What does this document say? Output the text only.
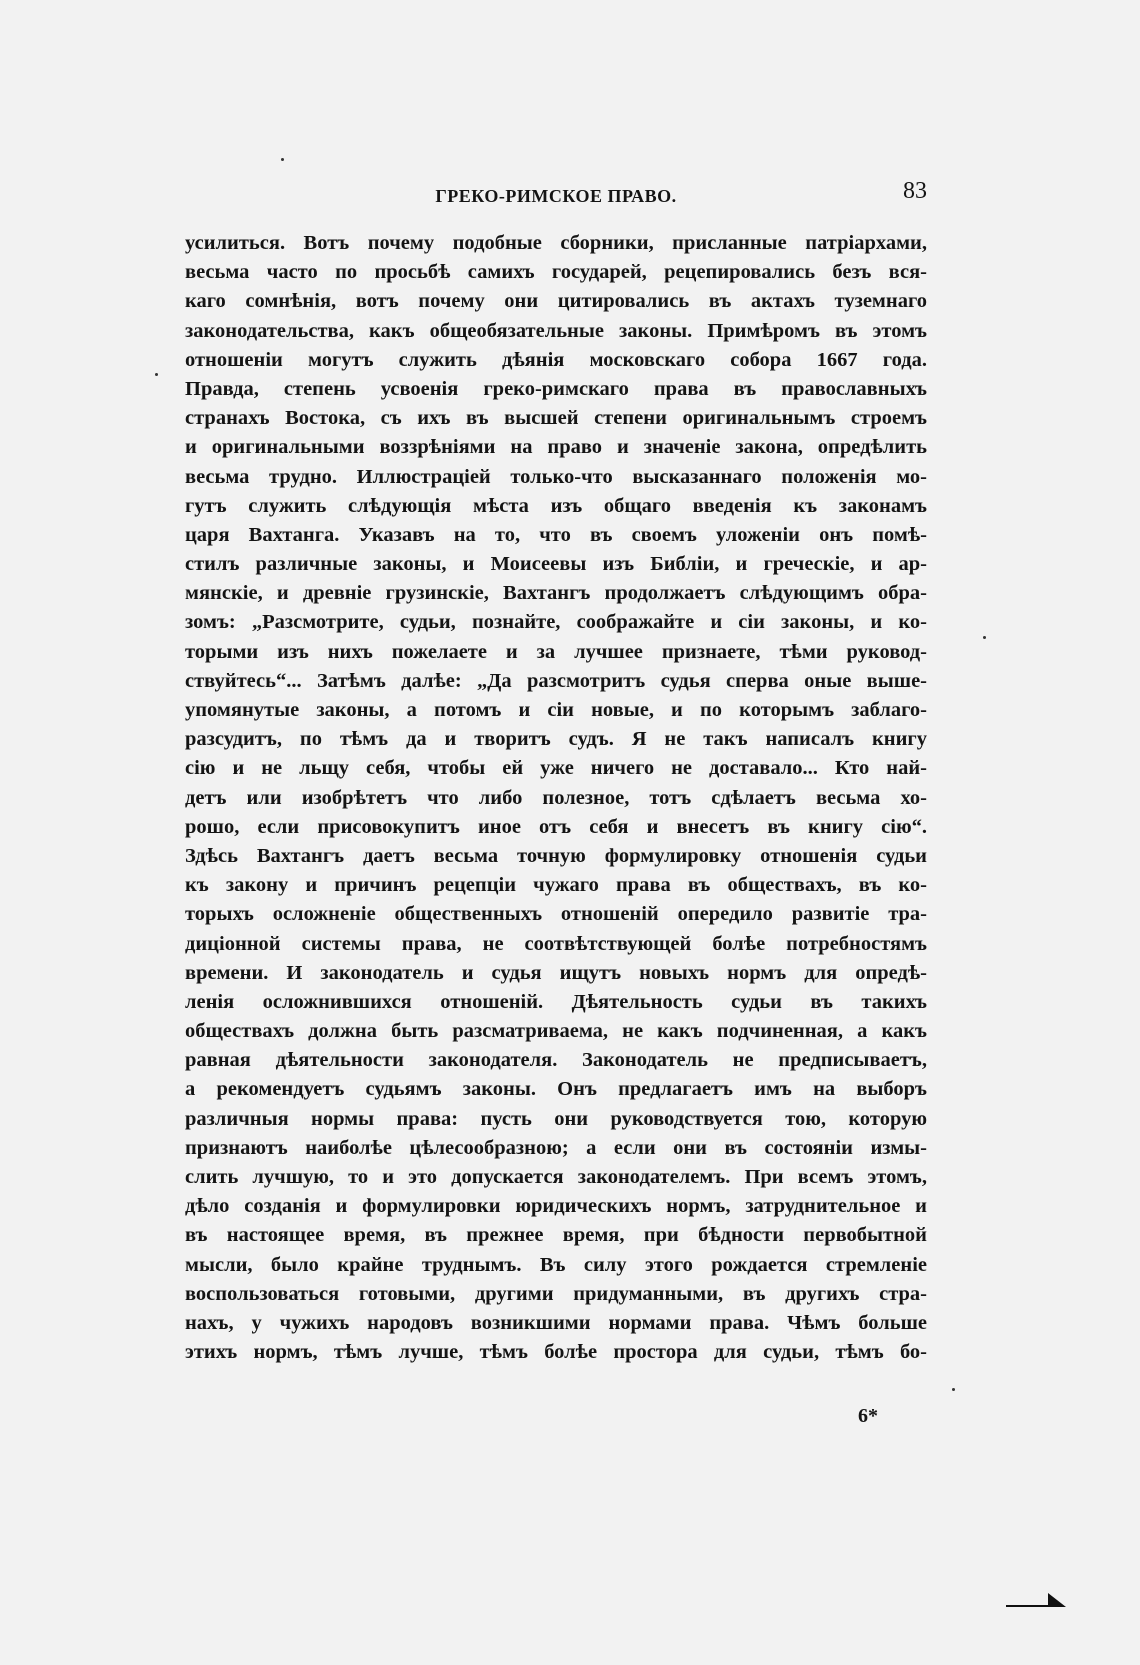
ГРЕКО-РИМСКОЕ ПРАВО.	83
усилиться. Вотъ почему подобные сборники, присланные патріархами,
весьма часто по просьбѣ самихъ государей, рецепировались безъ вся-
каго сомнѣнія, вотъ почему они цитировались въ актахъ туземнаго
законодательства, какъ общеобязательные законы. Примѣромъ въ этомъ
отношеніи могутъ служить дѣянія московскаго собора 1667 года.
Правда, степень усвоенія греко-римскаго права въ православныхъ
странахъ Востока, съ ихъ въ высшей степени оригинальнымъ строемъ
и оригинальными воззрѣніями на право и значеніе закона, опредѣлить
весьма трудно. Иллюстраціей только-что высказаннаго положенія мо-
гутъ служить слѣдующія мѣста изъ общаго введенія къ законамъ
царя Вахтанга. Указавъ на то, что въ своемъ уложеніи онъ помѣ-
стилъ различные законы, и Моисеевы изъ Библіи, и греческіе, и ар-
мянскіе, и древніе грузинскіе, Вахтангъ продолжаетъ слѣдующимъ обра-
зомъ: „Разсмотрите, судьи, познайте, соображайте и сіи законы, и ко-
торыми изъ нихъ пожелаете и за лучшее признаете, тѣми руковод-
ствуйтесь“... Затѣмъ далѣе: „Да разсмотритъ судья сперва оные выше-
упомянутые законы, а потомъ и сіи новые, и по которымъ заблаго-
разсудитъ, по тѣмъ да и творитъ судъ. Я не такъ написалъ книгу
сію и не льщу себя, чтобы ей уже ничего не доставало... Кто най-
детъ или изобрѣтетъ что либо полезное, тотъ сдѣлаетъ весьма хо-
рошо, если присовокупитъ иное отъ себя и внесетъ въ книгу сію“.
Здѣсь Вахтангъ даетъ весьма точную формулировку отношенія судьи
къ закону и причинъ рецепціи чужаго права въ обществахъ, въ ко-
торыхъ осложненіе общественныхъ отношеній опередило развитіе тра-
диціонной системы права, не соотвѣтствующей болѣе потребностямъ
времени. И законодатель и судья ищутъ новыхъ нормъ для опредѣ-
ленія осложнившихся отношеній. Дѣятельность судьи въ такихъ
обществахъ должна быть разсматриваема, не какъ подчиненная, а какъ
равная дѣятельности законодателя. Законодатель не предписываетъ,
а рекомендуетъ судьямъ законы. Онъ предлагаетъ имъ на выборъ
различныя нормы права: пусть они руководствуется тою, которую
признаютъ наиболѣе цѣлесообразною; а если они въ состояніи измы-
слить лучшую, то и это допускается законодателемъ. При всемъ этомъ,
дѣло созданія и формулировки юридическихъ нормъ, затруднительное и
въ настоящее время, въ прежнее время, при бѣдности первобытной
мысли, было крайне труднымъ. Въ силу этого рождается стремленіе
воспользоваться готовыми, другими придуманными, въ другихъ стра-
нахъ, у чужихъ народовъ возникшими нормами права. Чѣмъ больше
этихъ нормъ, тѣмъ лучше, тѣмъ болѣе простора для судьи, тѣмъ бо-
6*
